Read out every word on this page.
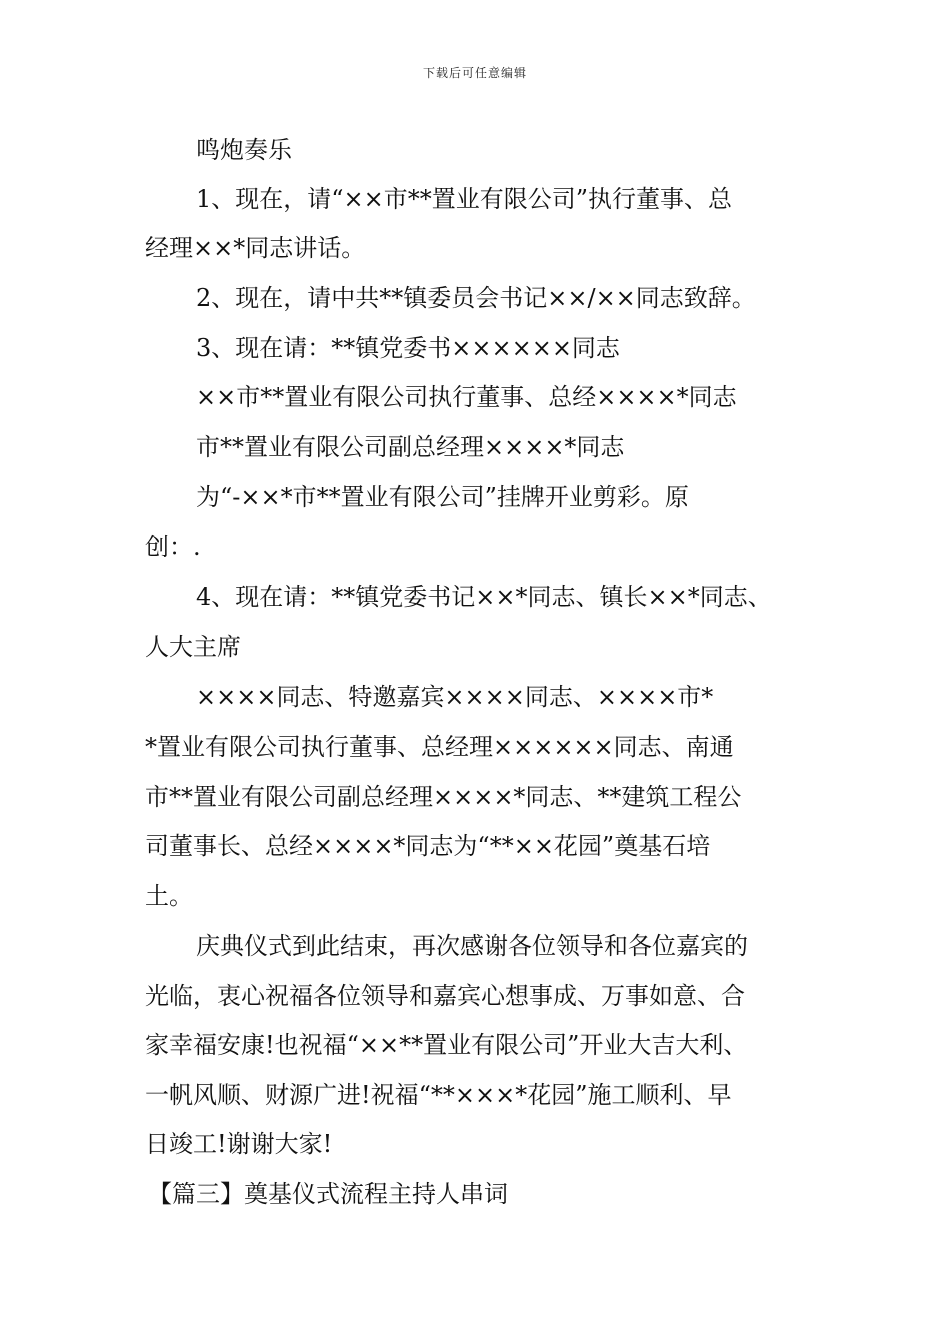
下载后可任意编辑
鸣炮奏乐
1、现在，请“××市**置业有限公司”执行董事、总
经理××*同志讲话。
2、现在，请中共**镇委员会书记××/××同志致辞。
3、现在请：**镇党委书××××××同志
××市**置业有限公司执行董事、总经××××*同志
市**置业有限公司副总经理××××*同志
为“-××*市**置业有限公司”挂牌开业剪彩。原
创：.
4、现在请：**镇党委书记××*同志、镇长××*同志、
人大主席
××××同志、特邀嘉宾××××同志、××××市*
*置业有限公司执行董事、总经理××××××同志、南通
市**置业有限公司副总经理××××*同志、**建筑工程公
司董事长、总经××××*同志为“**××花园”奠基石培
土。
庆典仪式到此结束，再次感谢各位领导和各位嘉宾的
光临，衷心祝福各位领导和嘉宾心想事成、万事如意、合
家幸福安康!也祝福“××**置业有限公司”开业大吉大利、
一帆风顺、财源广进!祝福“**×××*花园”施工顺利、早
日竣工!谢谢大家!
【篇三】奠基仪式流程主持人串词
